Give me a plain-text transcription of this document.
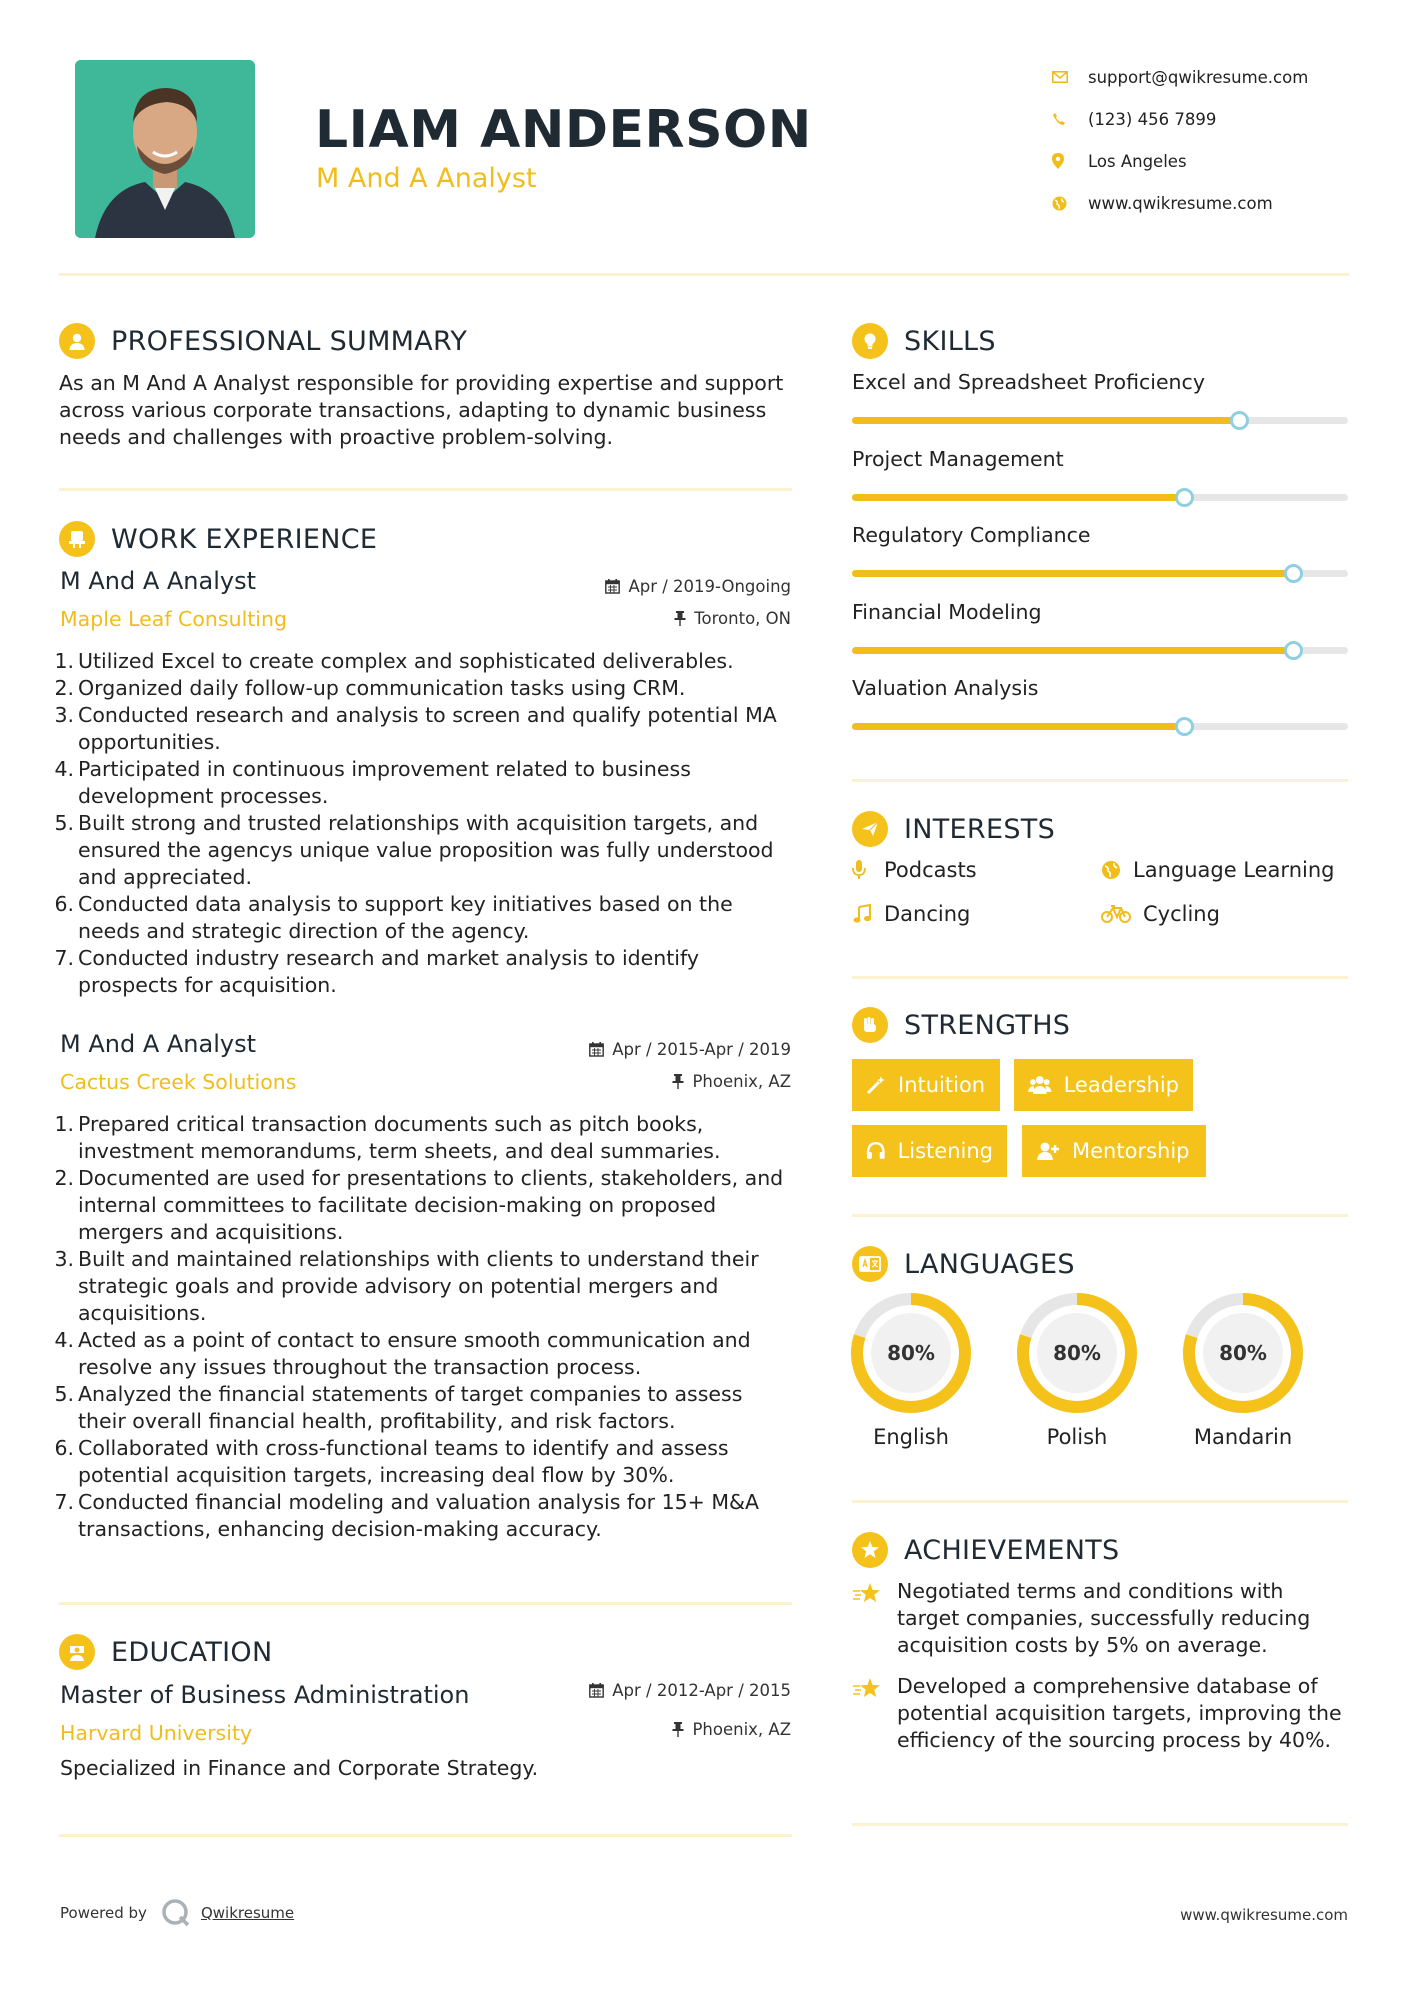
LIAM ANDERSON
M And A Analyst
support@qwikresume.com
(123) 456 7899
Los Angeles
www.qwikresume.com
PROFESSIONAL SUMMARY
As an M And A Analyst responsible for providing expertise and support across various corporate transactions, adapting to dynamic business needs and challenges with proactive problem-solving.
WORK EXPERIENCE
M And A Analyst
Maple Leaf Consulting
Apr / 2019-Ongoing
Toronto, ON
1. Utilized Excel to create complex and sophisticated deliverables.
2. Organized daily follow-up communication tasks using CRM.
3. Conducted research and analysis to screen and qualify potential MA opportunities.
4. Participated in continuous improvement related to business development processes.
5. Built strong and trusted relationships with acquisition targets, and ensured the agencys unique value proposition was fully understood and appreciated.
6. Conducted data analysis to support key initiatives based on the needs and strategic direction of the agency.
7. Conducted industry research and market analysis to identify prospects for acquisition.
M And A Analyst
Cactus Creek Solutions
Apr / 2015-Apr / 2019
Phoenix, AZ
1. Prepared critical transaction documents such as pitch books, investment memorandums, term sheets, and deal summaries.
2. Documented are used for presentations to clients, stakeholders, and internal committees to facilitate decision-making on proposed mergers and acquisitions.
3. Built and maintained relationships with clients to understand their strategic goals and provide advisory on potential mergers and acquisitions.
4. Acted as a point of contact to ensure smooth communication and resolve any issues throughout the transaction process.
5. Analyzed the financial statements of target companies to assess their overall financial health, profitability, and risk factors.
6. Collaborated with cross-functional teams to identify and assess potential acquisition targets, increasing deal flow by 30%.
7. Conducted financial modeling and valuation analysis for 15+ M&A transactions, enhancing decision-making accuracy.
EDUCATION
Master of Business Administration
Harvard University
Apr / 2012-Apr / 2015
Phoenix, AZ
Specialized in Finance and Corporate Strategy.
SKILLS
Excel and Spreadsheet Proficiency
Project Management
Regulatory Compliance
Financial Modeling
Valuation Analysis
INTERESTS
Podcasts	Language Learning
Dancing	Cycling
STRENGTHS
Intuition	Leadership
Listening	Mentorship
LANGUAGES
80%
English
80%
Polish
80%
Mandarin
ACHIEVEMENTS
Negotiated terms and conditions with target companies, successfully reducing acquisition costs by 5% on average.
Developed a comprehensive database of potential acquisition targets, improving the efficiency of the sourcing process by 40%.
Powered by	Qwikresume	www.qwikresume.com
